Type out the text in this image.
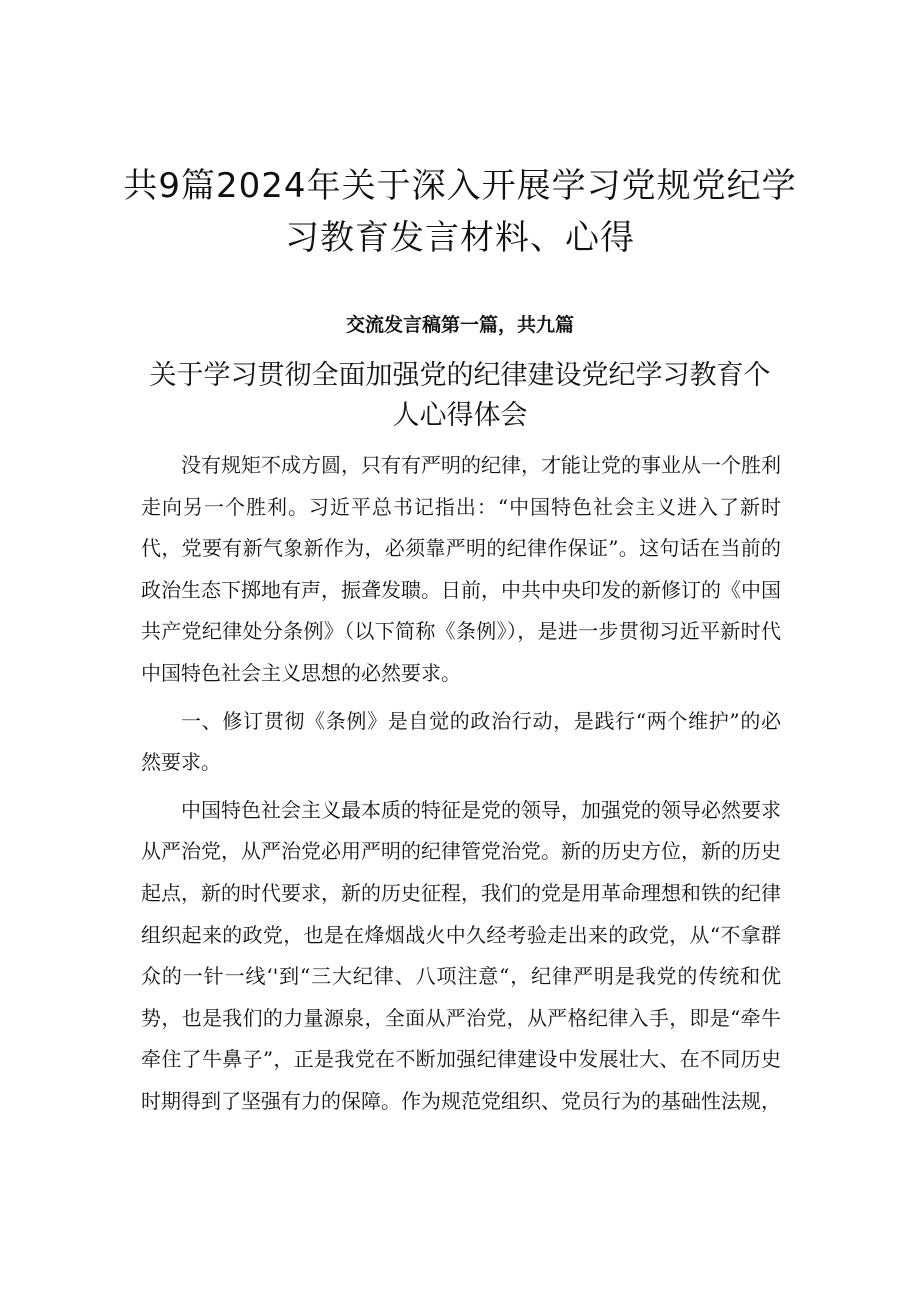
共9篇2024年关于深入开展学习党规党纪学习教育发言材料、心得
交流发言稿第一篇，共九篇
关于学习贯彻全面加强党的纪律建设党纪学习教育个人心得体会

没有规矩不成方圆，只有有严明的纪律，才能让党的事业从一个胜利走向另一个胜利。习近平总书记指出：“中国特色社会主义进入了新时代，党要有新气象新作为，必须靠严明的纪律作保证”。这句话在当前的政治生态下掷地有声，振聋发聩。日前，中共中央印发的新修订的《中国共产党纪律处分条例》（以下简称《条例》），是进一步贯彻习近平新时代中国特色社会主义思想的必然要求。

一、修订贯彻《条例》是自觉的政治行动，是践行“两个维护”的必然要求。

中国特色社会主义最本质的特征是党的领导，加强党的领导必然要求从严治党，从严治党必用严明的纪律管党治党。新的历史方位，新的历史起点，新的时代要求，新的历史征程，我们的党是用革命理想和铁的纪律组织起来的政党，也是在烽烟战火中久经考验走出来的政党，从“不拿群众的一针一线‘'到“三大纪律、八项注意“，纪律严明是我党的传统和优势，也是我们的力量源泉，全面从严治党，从严格纪律入手，即是“牵牛牵住了牛鼻子”，正是我党在不断加强纪律建设中发展壮大、在不同历史时期得到了坚强有力的保障。作为规范党组织、党员行为的基础性法规，
